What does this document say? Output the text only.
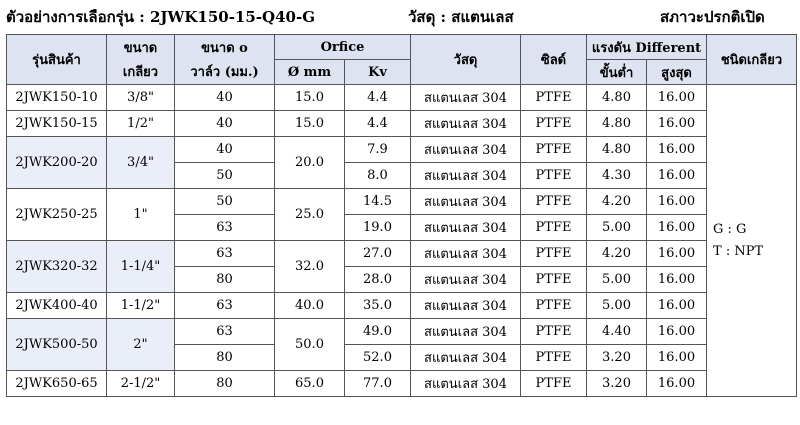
ตัวอย่างการเลือกรุ่น : 2JWK150-15-Q40-G	วัสดุ : สแตนเลส	สภาวะปรกติเปิด
รุ่นสินค้า	ขนาด	ขนาด o	Orfice		วัสดุ	ซิลด์	แรงดัน Different		ชนิดเกลียว
	เกลียว	วาล์ว (มม.)	Ø mm	Kv			ขั้นต่ำ	สูงสุด	
2JWK150-10	3/8"	40	15.0	4.4	สแตนเลส 304	PTFE	4.80	16.00	G : G
T : NPT

2JWK150-15	1/2"	40	15.0	4.4	สแตนเลส 304	PTFE	4.80	16.00	
2JWK200-20	3/4"	40	20.0	7.9	สแตนเลส 304	PTFE	4.80	16.00	
		50		8.0	สแตนเลส 304	PTFE	4.30	16.00	
2JWK250-25	1"	50	25.0	14.5	สแตนเลส 304	PTFE	4.20	16.00	
		63		19.0	สแตนเลส 304	PTFE	5.00	16.00	
2JWK320-32	1-1/4"	63	32.0	27.0	สแตนเลส 304	PTFE	4.20	16.00	
		80		28.0	สแตนเลส 304	PTFE	5.00	16.00	
2JWK400-40	1-1/2"	63	40.0	35.0	สแตนเลส 304	PTFE	5.00	16.00	
2JWK500-50	2"	63	50.0	49.0	สแตนเลส 304	PTFE	4.40	16.00	
		80		52.0	สแตนเลส 304	PTFE	3.20	16.00	
2JWK650-65	2-1/2"	80	65.0	77.0	สแตนเลส 304	PTFE	3.20	16.00	
